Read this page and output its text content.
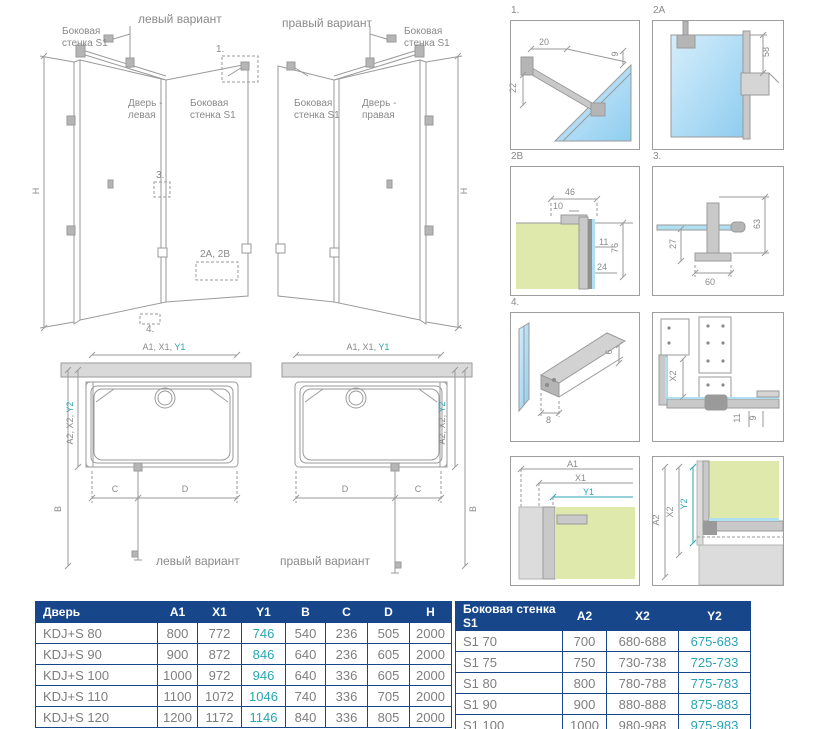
левый вариант
Боковая стенка S1
Дверь - левая
Боковая стенка S1
1.
3.
2A, 2B
4.
H
правый вариант
Боковая стенка S1
Боковая стенка S1
Дверь - правая
H
A1, X1, Y1
A2, X2, Y2
C	D
B
левый вариант
A1, X1, Y1
A2, X2, Y2
D	C
B
правый вариант
1.	2A
2B	3.
4.
20
22
9	58
46
10
11
76
24
63
27
60
8
6
X2
11 9
A1
X1
Y1
A2
X2
Y2
Дверь	A1	X1	Y1	B	C	D	H
KDJ+S 80	800	772	746	540	236	505	2000
KDJ+S 90	900	872	846	640	236	605	2000
KDJ+S 100	1000	972	946	640	336	605	2000
KDJ+S 110	1100	1072	1046	740	336	705	2000
KDJ+S 120	1200	1172	1146	840	336	805	2000
Боковая стенка S1	A2	X2	Y2
S1 70	700	680-688	675-683
S1 75	750	730-738	725-733
S1 80	800	780-788	775-783
S1 90	900	880-888	875-883
S1 100	1000	980-988	975-983
